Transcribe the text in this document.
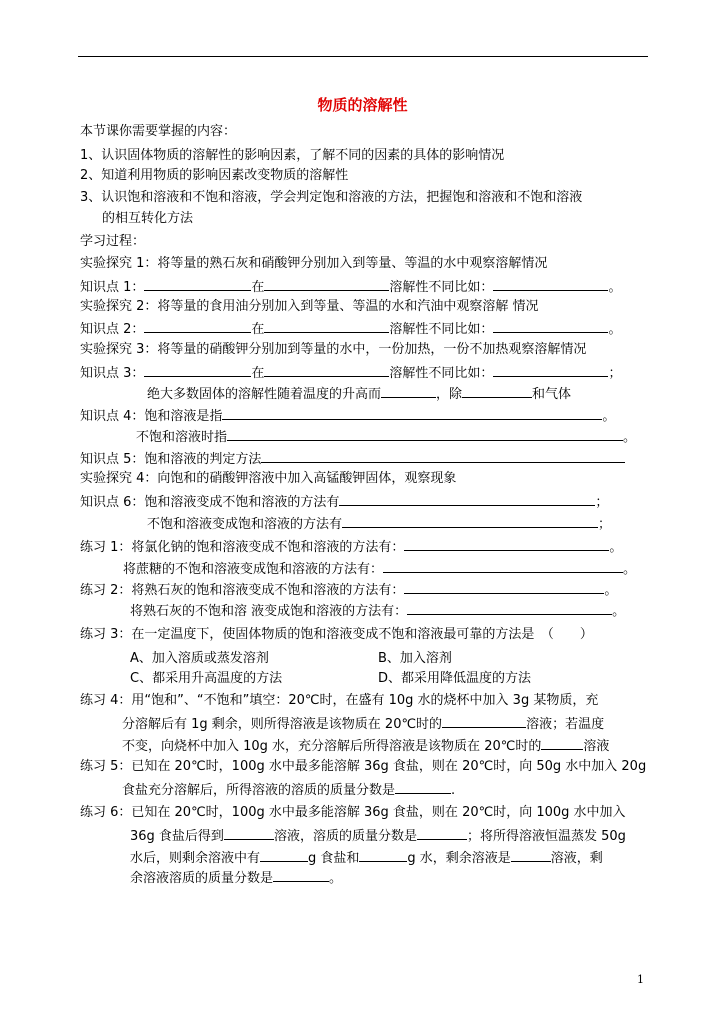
物质的溶解性
本节课你需要掌握的内容：
1、认识固体物质的溶解性的影响因素，了解不同的因素的具体的影响情况
2、知道利用物质的影响因素改变物质的溶解性
3、认识饱和溶液和不饱和溶液，学会判定饱和溶液的方法，把握饱和溶液和不饱和溶液
的相互转化方法
学习过程：
实验探究 1：将等量的熟石灰和硝酸钾分别加入到等量、等温的水中观察溶解情况
知识点 1：	在	溶解性不同比如：	。
实验探究 2：将等量的食用油分别加入到等量、等温的水和汽油中观察溶解 情况
知识点 2：	在	溶解性不同比如：	。
实验探究 3：将等量的硝酸钾分别加到等量的水中，一份加热，一份不加热观察溶解情况
知识点 3：	在	溶解性不同比如：	；
绝大多数固体的溶解性随着温度的升高而	，除	和气体
知识点 4：饱和溶液是指	。
不饱和溶液时指	。
知识点 5：饱和溶液的判定方法
实验探究 4：向饱和的硝酸钾溶液中加入高锰酸钾固体，观察现象
知识点 6：饱和溶液变成不饱和溶液的方法有	；
不饱和溶液变成饱和溶液的方法有	；
练习 1：将氯化钠的饱和溶液变成不饱和溶液的方法有：	。
将蔗糖的不饱和溶液变成饱和溶液的方法有：	。
练习 2：将熟石灰的饱和溶液变成不饱和溶液的方法有：	。
将熟石灰的不饱和溶 液变成饱和溶液的方法有：	。
练习 3：在一定温度下，使固体物质的饱和溶液变成不饱和溶液最可靠的方法是　（　　）
A、加入溶质或蒸发溶剂	B、加入溶剂
C、都采用升高温度的方法	D、都采用降低温度的方法
练习 4：用“饱和”、“不饱和”填空：20℃时，在盛有 10g 水的烧杯中加入 3g 某物质，充
分溶解后有 1g 剩余，则所得溶液是该物质在 20℃时的	溶液；若温度
不变，向烧杯中加入 10g 水，充分溶解后所得溶液是该物质在 20℃时的	溶液
练习 5：已知在 20℃时，100g 水中最多能溶解 36g 食盐，则在 20℃时，向 50g 水中加入 20g
食盐充分溶解后，所得溶液的溶质的质量分数是	.
练习 6：已知在 20℃时，100g 水中最多能溶解 36g 食盐，则在 20℃时，向 100g 水中加入
36g 食盐后得到	溶液，溶质的质量分数是	；将所得溶液恒温蒸发 50g
水后，则剩余溶液中有	g 食盐和	g 水，剩余溶液是	溶液，剩
余溶液溶质的质量分数是	。
1
